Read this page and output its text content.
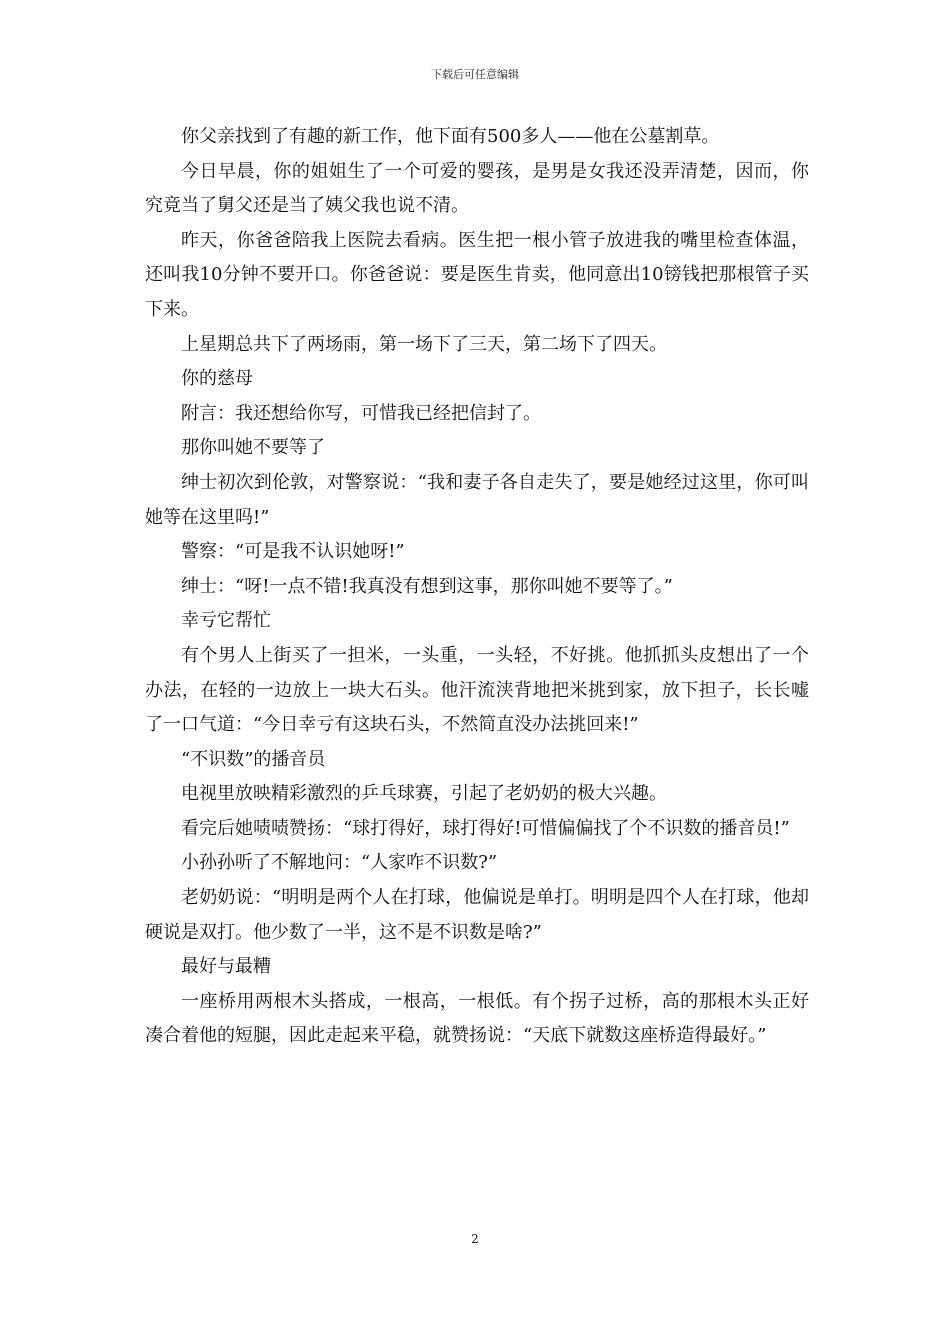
下载后可任意编辑

你父亲找到了有趣的新工作，他下面有500多人——他在公墓割草。

今日早晨，你的姐姐生了一个可爱的婴孩，是男是女我还没弄清楚，因而，你究竟当了舅父还是当了姨父我也说不清。

昨天，你爸爸陪我上医院去看病。医生把一根小管子放进我的嘴里检查体温，还叫我10分钟不要开口。你爸爸说：要是医生肯卖，他同意出10镑钱把那根管子买下来。

上星期总共下了两场雨，第一场下了三天，第二场下了四天。

你的慈母

附言：我还想给你写，可惜我已经把信封了。

那你叫她不要等了

绅士初次到伦敦，对警察说：“我和妻子各自走失了，要是她经过这里，你可叫她等在这里吗!”

警察：“可是我不认识她呀!”

绅士：“呀!一点不错!我真没有想到这事，那你叫她不要等了。”

幸亏它帮忙

有个男人上街买了一担米，一头重，一头轻，不好挑。他抓抓头皮想出了一个办法，在轻的一边放上一块大石头。他汗流浃背地把米挑到家，放下担子，长长嘘了一口气道：“今日幸亏有这块石头，不然简直没办法挑回来!”

“不识数”的播音员

电视里放映精彩激烈的乒乓球赛，引起了老奶奶的极大兴趣。

看完后她啧啧赞扬：“球打得好，球打得好!可惜偏偏找了个不识数的播音员!”

小孙孙听了不解地问：“人家咋不识数?”

老奶奶说：“明明是两个人在打球，他偏说是单打。明明是四个人在打球，他却硬说是双打。他少数了一半，这不是不识数是啥?”

最好与最糟

一座桥用两根木头搭成，一根高，一根低。有个拐子过桥，高的那根木头正好凑合着他的短腿，因此走起来平稳，就赞扬说：“天底下就数这座桥造得最好。”

2
